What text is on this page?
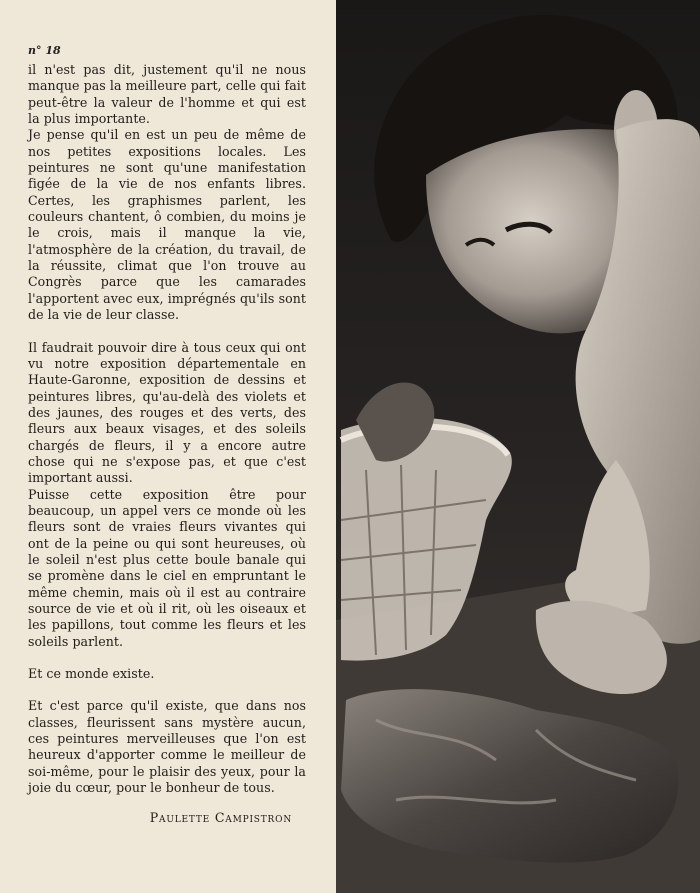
n° 18

il n'est pas dit, justement qu'il ne nous manque pas la meilleure part, celle qui fait peut-être la valeur de l'homme et qui est la plus importante.

Je pense qu'il en est un peu de même de nos petites expositions locales. Les peintures ne sont qu'une manifestation figée de la vie de nos enfants libres. Certes, les graphismes parlent, les couleurs chantent, ô combien, du moins je le crois, mais il manque la vie, l'atmosphère de la création, du travail, de la réussite, climat que l'on trouve au Congrès parce que les camarades l'apportent avec eux, imprégnés qu'ils sont de la vie de leur classe.

Il faudrait pouvoir dire à tous ceux qui ont vu notre exposition départementale en Haute-Garonne, exposition de dessins et peintures libres, qu'au-delà des violets et des jaunes, des rouges et des verts, des fleurs aux beaux visages, et des soleils chargés de fleurs, il y a encore autre chose qui ne s'expose pas, et que c'est important aussi.

Puisse cette exposition être pour beaucoup, un appel vers ce monde où les fleurs sont de vraies fleurs vivantes qui ont de la peine ou qui sont heureuses, où le soleil n'est plus cette boule banale qui se promène dans le ciel en empruntant le même chemin, mais où il est au contraire source de vie et où il rit, où les oiseaux et les papillons, tout comme les fleurs et les soleils parlent.

Et ce monde existe.

Et c'est parce qu'il existe, que dans nos classes, fleurissent sans mystère aucun, ces peintures merveilleuses que l'on est heureux d'apporter comme le meilleur de soi-même, pour le plaisir des yeux, pour la joie du cœur, pour le bonheur de tous.

Paulette Campistron
